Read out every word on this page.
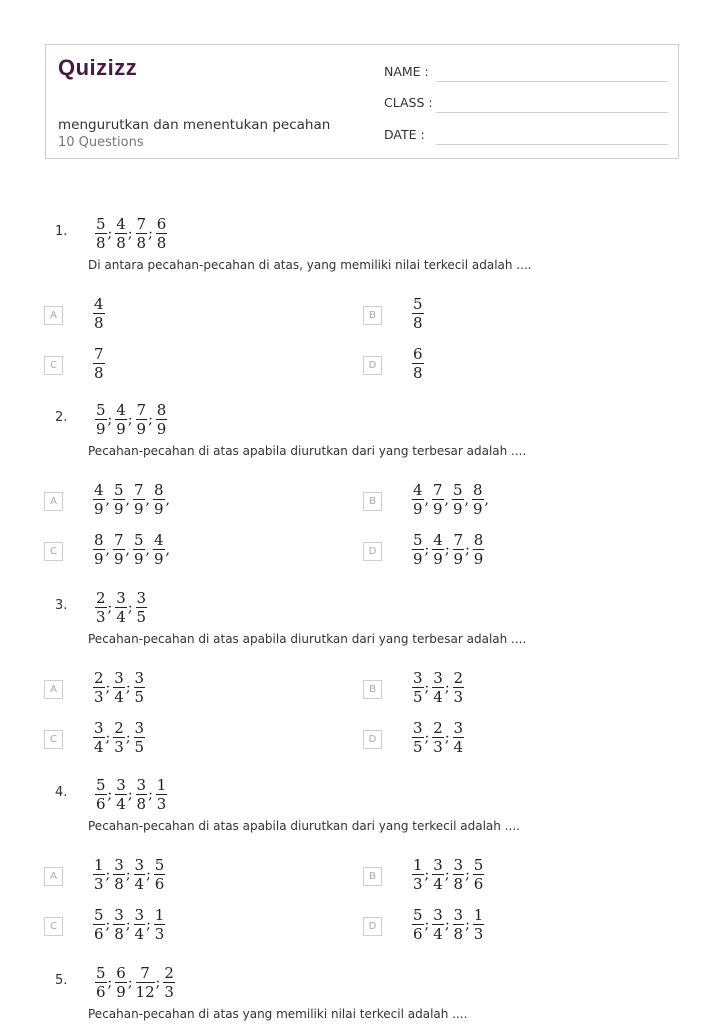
Quizizz
mengurutkan dan menentukan pecahan
10 Questions
NAME :
CLASS :
DATE :
1. $\frac{5}{8}$ ; $\frac{4}{8}$ ; $\frac{7}{8}$ ; $\frac{6}{8}$
Di antara pecahan-pecahan di atas, yang memiliki nilai terkecil adalah ....
A	$\frac{4}{8}$	B	$\frac{5}{8}$
C	$\frac{7}{8}$	D	$\frac{6}{8}$
2. $\frac{5}{9}$ ; $\frac{4}{9}$ ; $\frac{7}{9}$ ; $\frac{8}{9}$
Pecahan-pecahan di atas apabila diurutkan dari yang terbesar adalah ....
A	$\frac{4}{9}$ , $\frac{5}{9}$ , $\frac{7}{9}$ , $\frac{8}{9}$ ,	B	$\frac{4}{9}$ , $\frac{7}{9}$ , $\frac{5}{9}$ , $\frac{8}{9}$ ,
C	$\frac{8}{9}$ , $\frac{7}{9}$ , $\frac{5}{9}$ , $\frac{4}{9}$ ,	D	$\frac{5}{9}$ ; $\frac{4}{9}$ ; $\frac{7}{9}$ ; $\frac{8}{9}$
3. $\frac{2}{3}$ ; $\frac{3}{4}$ ; $\frac{3}{5}$
Pecahan-pecahan di atas apabila diurutkan dari yang terbesar adalah ....
A	$\frac{2}{3}$ ; $\frac{3}{4}$ ; $\frac{3}{5}$	B	$\frac{3}{5}$ ; $\frac{3}{4}$ ; $\frac{2}{3}$
C	$\frac{3}{4}$ ; $\frac{2}{3}$ ; $\frac{3}{5}$	D	$\frac{3}{5}$ ; $\frac{2}{3}$ ; $\frac{3}{4}$
4. $\frac{5}{6}$ ; $\frac{3}{4}$ ; $\frac{3}{8}$ ; $\frac{1}{3}$
Pecahan-pecahan di atas apabila diurutkan dari yang terkecil adalah ....
A	$\frac{1}{3}$ ; $\frac{3}{8}$ ; $\frac{3}{4}$ ; $\frac{5}{6}$	B	$\frac{1}{3}$ ; $\frac{3}{4}$ ; $\frac{3}{8}$ ; $\frac{5}{6}$
C	$\frac{5}{6}$ ; $\frac{3}{8}$ ; $\frac{3}{4}$ ; $\frac{1}{3}$	D	$\frac{5}{6}$ ; $\frac{3}{4}$ ; $\frac{3}{8}$ ; $\frac{1}{3}$
5. $\frac{5}{6}$ ; $\frac{6}{9}$ ; $\frac{7}{12}$ ; $\frac{2}{3}$
Pecahan-pecahan di atas yang memiliki nilai terkecil adalah ....
